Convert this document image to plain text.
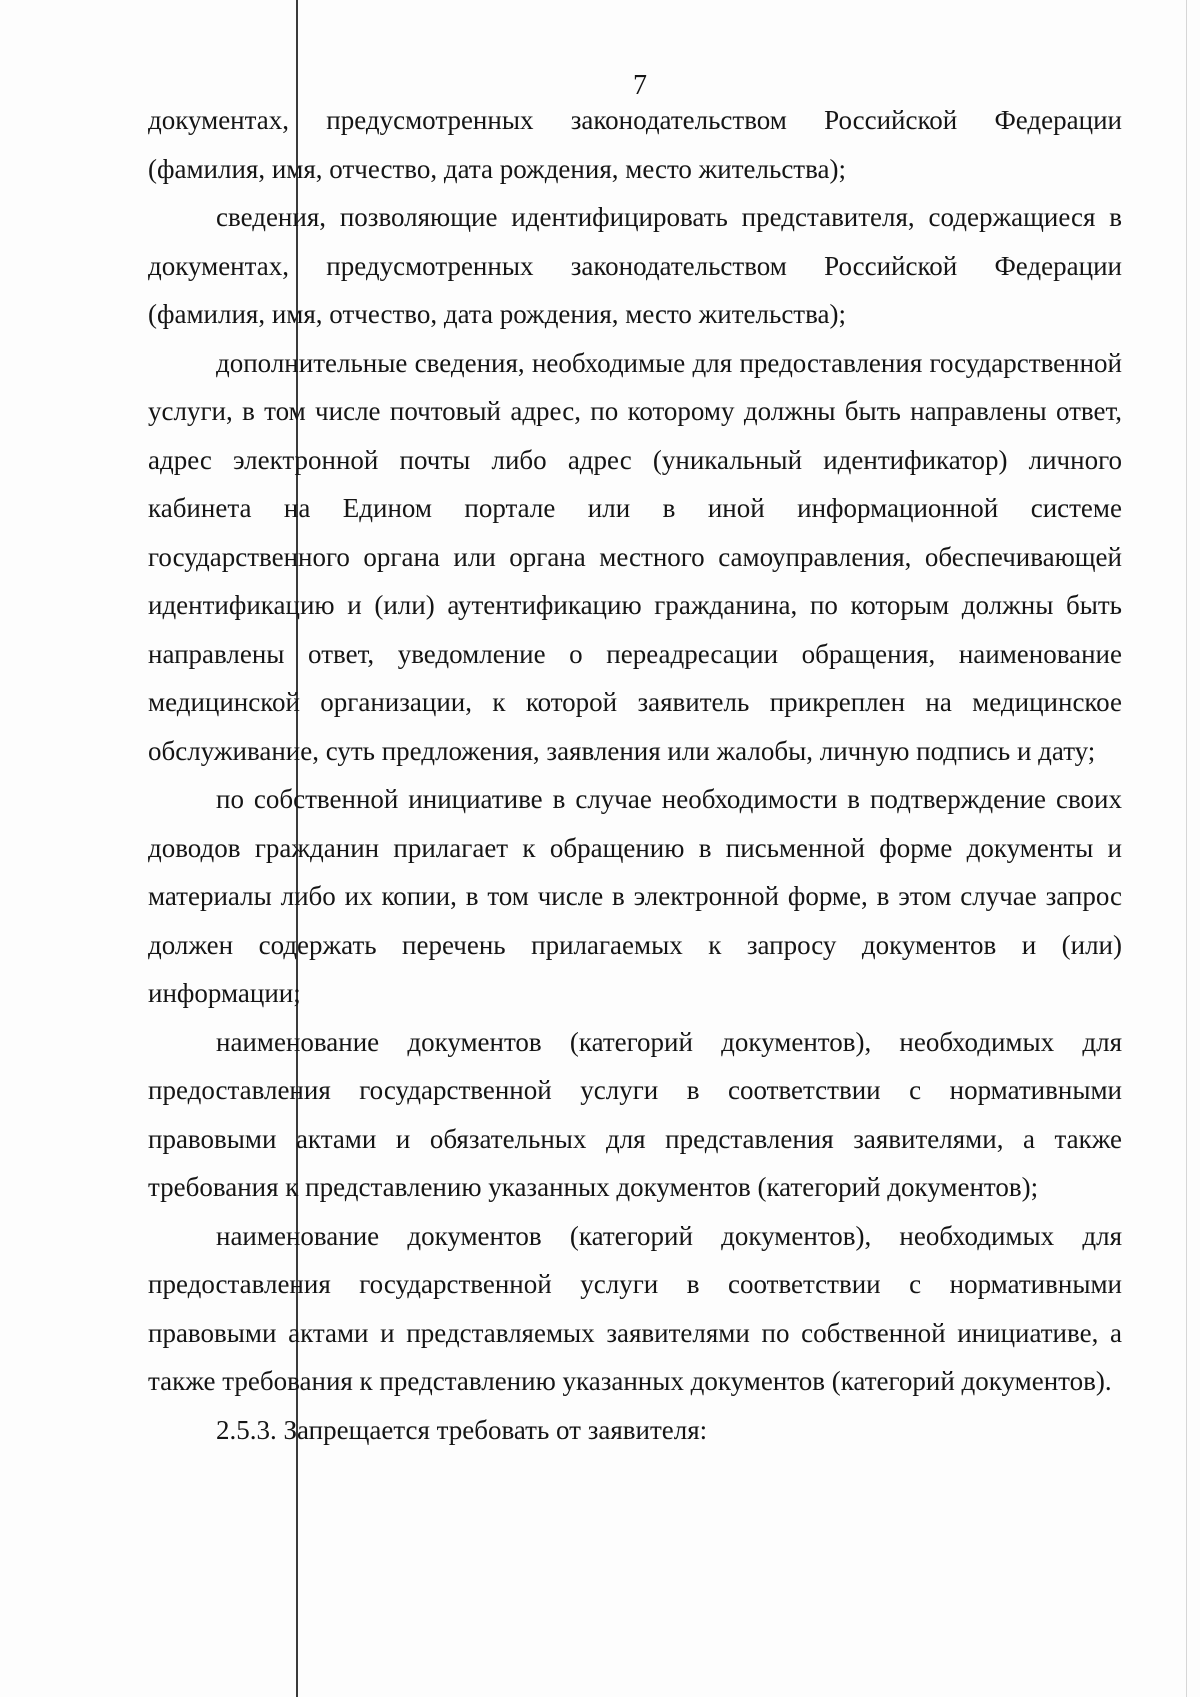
7

документах, предусмотренных законодательством Российской Федерации (фамилия, имя, отчество, дата рождения, место жительства);

сведения, позволяющие идентифицировать представителя, содержащиеся в документах, предусмотренных законодательством Российской Федерации (фамилия, имя, отчество, дата рождения, место жительства);

дополнительные сведения, необходимые для предоставления государственной услуги, в том числе почтовый адрес, по которому должны быть направлены ответ, адрес электронной почты либо адрес (уникальный идентификатор) личного кабинета на Едином портале или в иной информационной системе государственного органа или органа местного самоуправления, обеспечивающей идентификацию и (или) аутентификацию гражданина, по которым должны быть направлены ответ, уведомление о переадресации обращения, наименование медицинской организации, к которой заявитель прикреплен на медицинское обслуживание, суть предложения, заявления или жалобы, личную подпись и дату;

по собственной инициативе в случае необходимости в подтверждение своих доводов гражданин прилагает к обращению в письменной форме документы и материалы либо их копии, в том числе в электронной форме, в этом случае запрос должен содержать перечень прилагаемых к запросу документов и (или) информации;

наименование документов (категорий документов), необходимых для предоставления государственной услуги в соответствии с нормативными правовыми актами и обязательных для представления заявителями, а также требования к представлению указанных документов (категорий документов);

наименование документов (категорий документов), необходимых для предоставления государственной услуги в соответствии с нормативными правовыми актами и представляемых заявителями по собственной инициативе, а также требования к представлению указанных документов (категорий документов).

2.5.3. Запрещается требовать от заявителя:
